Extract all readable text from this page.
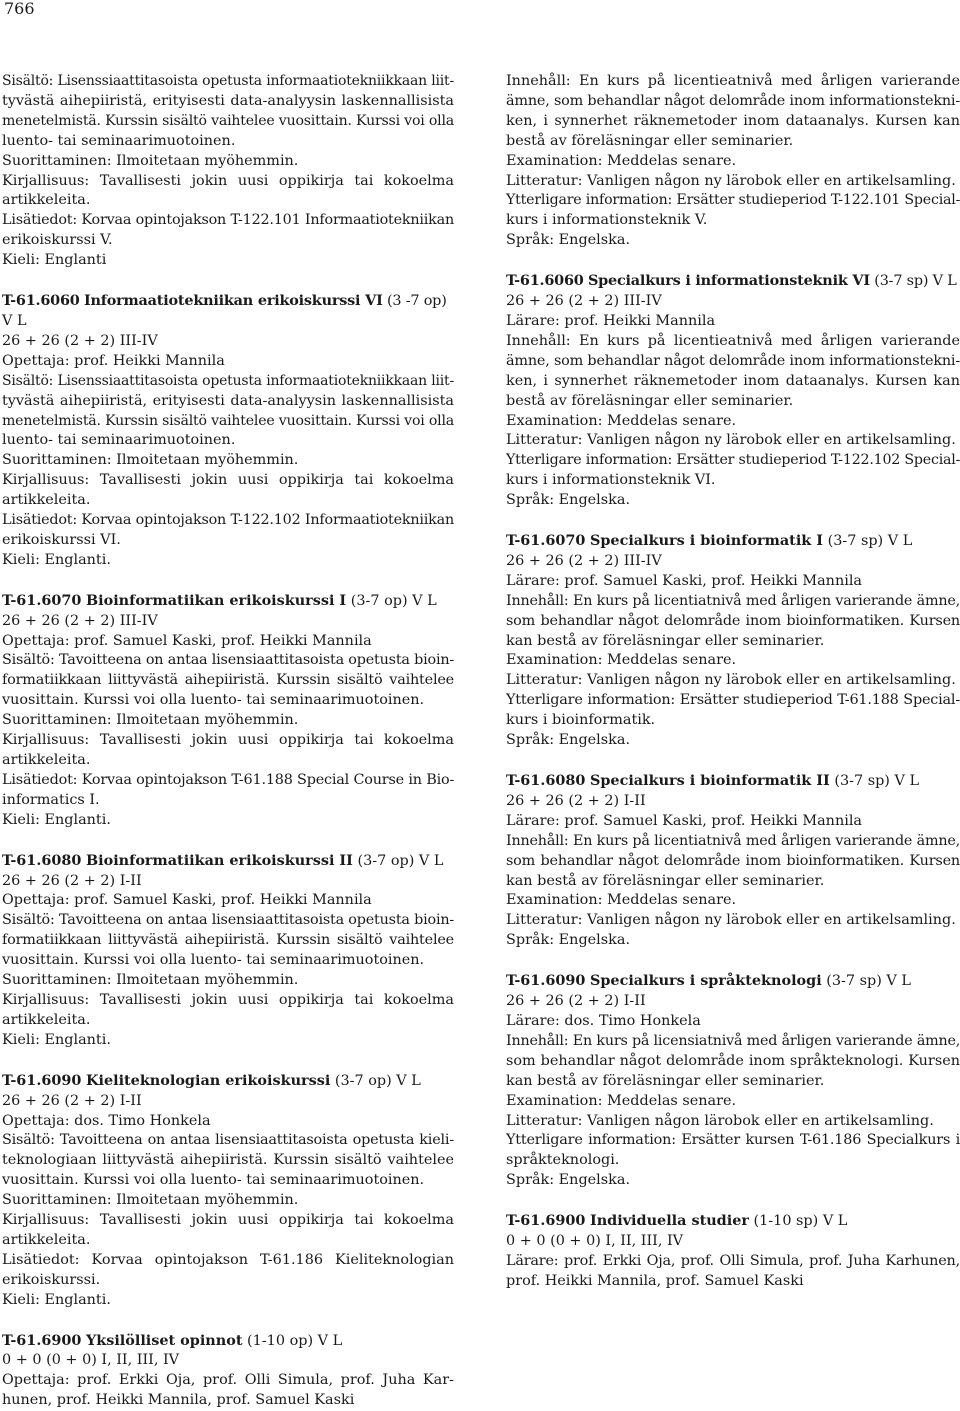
766
Sisältö: Lisenssiaattitasoista opetusta informaatiotekniikkaan liit-
tyvästä aihepiiristä, erityisesti data-analyysin laskennallisista
menetelmistä. Kurssin sisältö vaihtelee vuosittain. Kurssi voi olla
luento- tai seminaarimuotoinen.
Suorittaminen: Ilmoitetaan myöhemmin.
Kirjallisuus: Tavallisesti jokin uusi oppikirja tai kokoelma
artikkeleita.
Lisätiedot: Korvaa opintojakson T-122.101 Informaatiotekniikan
erikoiskurssi V.
Kieli: Englanti
T-61.6060 Informaatiotekniikan erikoiskurssi VI (3 -7 op)
V L
26 + 26 (2 + 2) III-IV
Opettaja: prof. Heikki Mannila
Sisältö: Lisenssiaattitasoista opetusta informaatiotekniikkaan liit-
tyvästä aihepiiristä, erityisesti data-analyysin laskennallisista
menetelmistä. Kurssin sisältö vaihtelee vuosittain. Kurssi voi olla
luento- tai seminaarimuotoinen.
Suorittaminen: Ilmoitetaan myöhemmin.
Kirjallisuus: Tavallisesti jokin uusi oppikirja tai kokoelma
artikkeleita.
Lisätiedot: Korvaa opintojakson T-122.102 Informaatiotekniikan
erikoiskurssi VI.
Kieli: Englanti.
T-61.6070 Bioinformatiikan erikoiskurssi I (3-7 op) V L
26 + 26 (2 + 2) III-IV
Opettaja: prof. Samuel Kaski, prof. Heikki Mannila
Sisältö: Tavoitteena on antaa lisensiaattitasoista opetusta bioin-
formatiikkaan liittyvästä aihepiiristä. Kurssin sisältö vaihtelee
vuosittain. Kurssi voi olla luento- tai seminaarimuotoinen.
Suorittaminen: Ilmoitetaan myöhemmin.
Kirjallisuus: Tavallisesti jokin uusi oppikirja tai kokoelma
artikkeleita.
Lisätiedot: Korvaa opintojakson T-61.188 Special Course in Bio-
informatics I.
Kieli: Englanti.
T-61.6080 Bioinformatiikan erikoiskurssi II (3-7 op) V L
26 + 26 (2 + 2) I-II
Opettaja: prof. Samuel Kaski, prof. Heikki Mannila
Sisältö: Tavoitteena on antaa lisensiaattitasoista opetusta bioin-
formatiikkaan liittyvästä aihepiiristä. Kurssin sisältö vaihtelee
vuosittain. Kurssi voi olla luento- tai seminaarimuotoinen.
Suorittaminen: Ilmoitetaan myöhemmin.
Kirjallisuus: Tavallisesti jokin uusi oppikirja tai kokoelma
artikkeleita.
Kieli: Englanti.
T-61.6090 Kieliteknologian erikoiskurssi (3-7 op) V L
26 + 26 (2 + 2) I-II
Opettaja: dos. Timo Honkela
Sisältö: Tavoitteena on antaa lisensiaattitasoista opetusta kieli-
teknologiaan liittyvästä aihepiiristä. Kurssin sisältö vaihtelee
vuosittain. Kurssi voi olla luento- tai seminaarimuotoinen.
Suorittaminen: Ilmoitetaan myöhemmin.
Kirjallisuus: Tavallisesti jokin uusi oppikirja tai kokoelma
artikkeleita.
Lisätiedot: Korvaa opintojakson T-61.186 Kieliteknologian
erikoiskurssi.
Kieli: Englanti.
T-61.6900 Yksilölliset opinnot (1-10 op) V L
0 + 0 (0 + 0) I, II, III, IV
Opettaja: prof. Erkki Oja, prof. Olli Simula, prof. Juha Kar-
hunen, prof. Heikki Mannila, prof. Samuel Kaski
Innehåll: En kurs på licentieatnivå med årligen varierande
ämne, som behandlar något delområde inom informationstekni-
ken, i synnerhet räknemetoder inom dataanalys. Kursen kan
bestå av föreläsningar eller seminarier.
Examination: Meddelas senare.
Litteratur: Vanligen någon ny lärobok eller en artikelsamling.
Ytterligare information: Ersätter studieperiod T-122.101 Special-
kurs i informationsteknik V.
Språk: Engelska.
T-61.6060 Specialkurs i informationsteknik VI (3-7 sp) V L
26 + 26 (2 + 2) III-IV
Lärare: prof. Heikki Mannila
Innehåll: En kurs på licentieatnivå med årligen varierande
ämne, som behandlar något delområde inom informationstekni-
ken, i synnerhet räknemetoder inom dataanalys. Kursen kan
bestå av föreläsningar eller seminarier.
Examination: Meddelas senare.
Litteratur: Vanligen någon ny lärobok eller en artikelsamling.
Ytterligare information: Ersätter studieperiod T-122.102 Special-
kurs i informationsteknik VI.
Språk: Engelska.
T-61.6070 Specialkurs i bioinformatik I (3-7 sp) V L
26 + 26 (2 + 2) III-IV
Lärare: prof. Samuel Kaski, prof. Heikki Mannila
Innehåll: En kurs på licentiatnivå med årligen varierande ämne,
som behandlar något delområde inom bioinformatiken. Kursen
kan bestå av föreläsningar eller seminarier.
Examination: Meddelas senare.
Litteratur: Vanligen någon ny lärobok eller en artikelsamling.
Ytterligare information: Ersätter studieperiod T-61.188 Special-
kurs i bioinformatik.
Språk: Engelska.
T-61.6080 Specialkurs i bioinformatik II (3-7 sp) V L
26 + 26 (2 + 2) I-II
Lärare: prof. Samuel Kaski, prof. Heikki Mannila
Innehåll: En kurs på licentiatnivå med årligen varierande ämne,
som behandlar något delområde inom bioinformatiken. Kursen
kan bestå av föreläsningar eller seminarier.
Examination: Meddelas senare.
Litteratur: Vanligen någon ny lärobok eller en artikelsamling.
Språk: Engelska.
T-61.6090 Specialkurs i språkteknologi (3-7 sp) V L
26 + 26 (2 + 2) I-II
Lärare: dos. Timo Honkela
Innehåll: En kurs på licensiatnivå med årligen varierande ämne,
som behandlar något delområde inom språkteknologi. Kursen
kan bestå av föreläsningar eller seminarier.
Examination: Meddelas senare.
Litteratur: Vanligen någon lärobok eller en artikelsamling.
Ytterligare information: Ersätter kursen T-61.186 Specialkurs i
språkteknologi.
Språk: Engelska.
T-61.6900 Individuella studier (1-10 sp) V L
0 + 0 (0 + 0) I, II, III, IV
Lärare: prof. Erkki Oja, prof. Olli Simula, prof. Juha Karhunen,
prof. Heikki Mannila, prof. Samuel Kaski
